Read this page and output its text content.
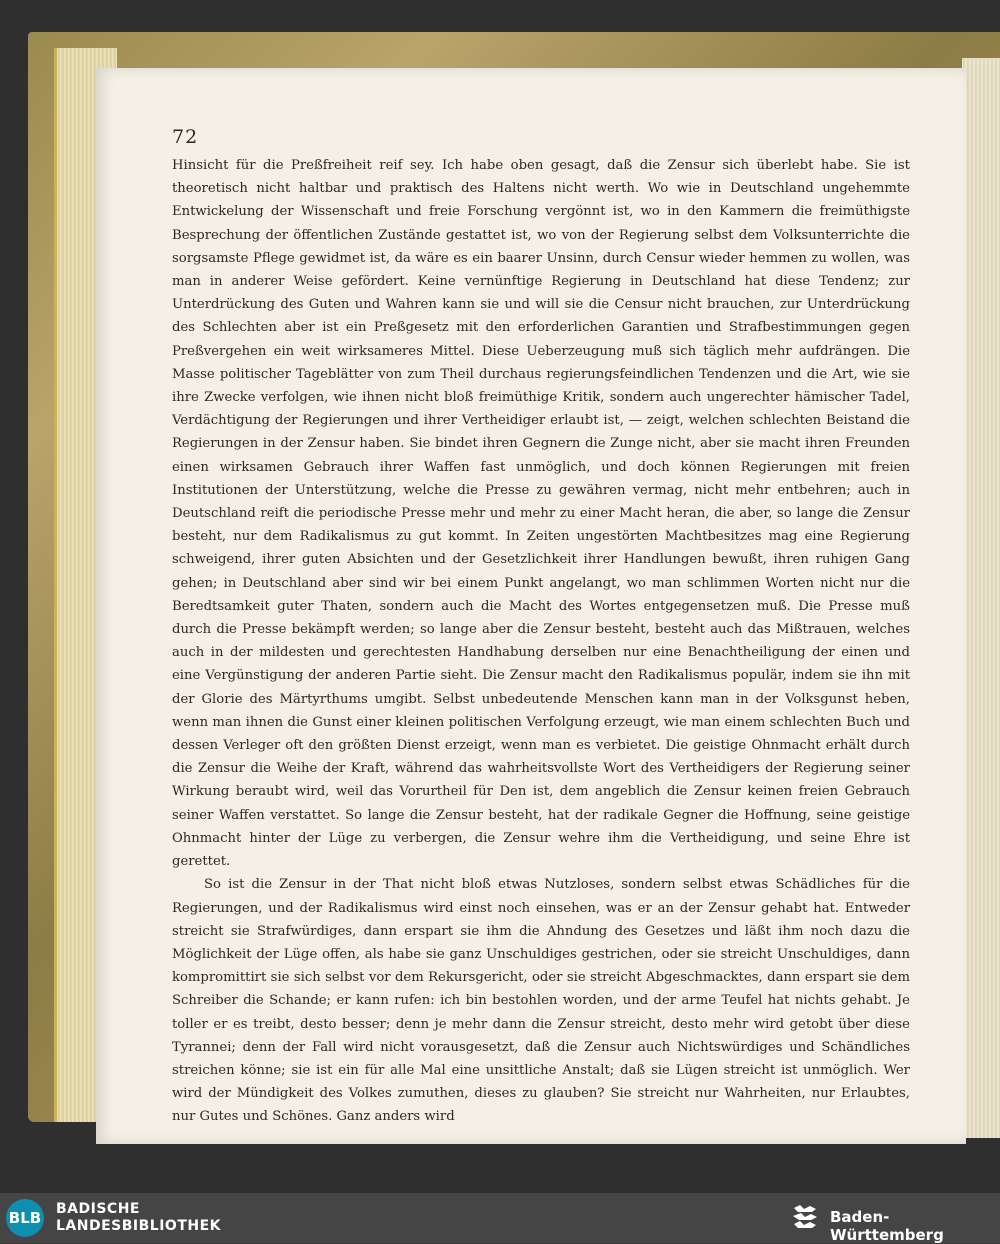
72

Hinsicht für die Preßfreiheit reif sey. Ich habe oben gesagt, daß die Zensur sich überlebt habe. Sie ist theoretisch nicht haltbar und praktisch des Haltens nicht werth. Wo wie in Deutschland ungehemmte Entwickelung der Wissenschaft und freie Forschung vergönnt ist, wo in den Kammern die freimüthigste Besprechung der öffentlichen Zustände gestattet ist, wo von der Regierung selbst dem Volksunterrichte die sorgsamste Pflege gewidmet ist, da wäre es ein baarer Unsinn, durch Censur wieder hemmen zu wollen, was man in anderer Weise gefördert. Keine vernünftige Regierung in Deutschland hat diese Tendenz; zur Unterdrückung des Guten und Wahren kann sie und will sie die Censur nicht brauchen, zur Unterdrückung des Schlechten aber ist ein Preßgesetz mit den erforderlichen Garantien und Strafbestimmungen gegen Preßvergehen ein weit wirksameres Mittel. Diese Ueberzeugung muß sich täglich mehr aufdrängen. Die Masse politischer Tageblätter von zum Theil durchaus regierungsfeindlichen Tendenzen und die Art, wie sie ihre Zwecke verfolgen, wie ihnen nicht bloß freimüthige Kritik, sondern auch ungerechter hämischer Tadel, Verdächtigung der Regierungen und ihrer Vertheidiger erlaubt ist, — zeigt, welchen schlechten Beistand die Regierungen in der Zensur haben. Sie bindet ihren Gegnern die Zunge nicht, aber sie macht ihren Freunden einen wirksamen Gebrauch ihrer Waffen fast unmöglich, und doch können Regierungen mit freien Institutionen der Unterstützung, welche die Presse zu gewähren vermag, nicht mehr entbehren; auch in Deutschland reift die periodische Presse mehr und mehr zu einer Macht heran, die aber, so lange die Zensur besteht, nur dem Radikalismus zu gut kommt. In Zeiten ungestörten Machtbesitzes mag eine Regierung schweigend, ihrer guten Absichten und der Gesetzlichkeit ihrer Handlungen bewußt, ihren ruhigen Gang gehen; in Deutschland aber sind wir bei einem Punkt angelangt, wo man schlimmen Worten nicht nur die Beredtsamkeit guter Thaten, sondern auch die Macht des Wortes entgegensetzen muß. Die Presse muß durch die Presse bekämpft werden; so lange aber die Zensur besteht, besteht auch das Mißtrauen, welches auch in der mildesten und gerechtesten Handhabung derselben nur eine Benachtheiligung der einen und eine Vergünstigung der anderen Partie sieht. Die Zensur macht den Radikalismus populär, indem sie ihn mit der Glorie des Märtyrthums umgibt. Selbst unbedeutende Menschen kann man in der Volksgunst heben, wenn man ihnen die Gunst einer kleinen politischen Verfolgung erzeugt, wie man einem schlechten Buch und dessen Verleger oft den größten Dienst erzeigt, wenn man es verbietet. Die geistige Ohnmacht erhält durch die Zensur die Weihe der Kraft, während das wahrheitsvollste Wort des Vertheidigers der Regierung seiner Wirkung beraubt wird, weil das Vorurtheil für Den ist, dem angeblich die Zensur keinen freien Gebrauch seiner Waffen verstattet. So lange die Zensur besteht, hat der radikale Gegner die Hoffnung, seine geistige Ohnmacht hinter der Lüge zu verbergen, die Zensur wehre ihm die Vertheidigung, und seine Ehre ist gerettet.

So ist die Zensur in der That nicht bloß etwas Nutzloses, sondern selbst etwas Schädliches für die Regierungen, und der Radikalismus wird einst noch einsehen, was er an der Zensur gehabt hat. Entweder streicht sie Strafwürdiges, dann erspart sie ihm die Ahndung des Gesetzes und läßt ihm noch dazu die Möglichkeit der Lüge offen, als habe sie ganz Unschuldiges gestrichen, oder sie streicht Unschuldiges, dann kompromittirt sie sich selbst vor dem Rekursgericht, oder sie streicht Abgeschmacktes, dann erspart sie dem Schreiber die Schande; er kann rufen: ich bin bestohlen worden, und der arme Teufel hat nichts gehabt. Je toller er es treibt, desto besser; denn je mehr dann die Zensur streicht, desto mehr wird getobt über diese Tyrannei; denn der Fall wird nicht vorausgesetzt, daß die Zensur auch Nichtswürdiges und Schändliches streichen könne; sie ist ein für alle Mal eine unsittliche Anstalt; daß sie Lügen streicht ist unmöglich. Wer wird der Mündigkeit des Volkes zumuthen, dieses zu glauben? Sie streicht nur Wahrheiten, nur Erlaubtes, nur Gutes und Schönes. Ganz anders wird

BLB BADISCHE
LANDESBIBLIOTHEK	Baden-Württemberg
